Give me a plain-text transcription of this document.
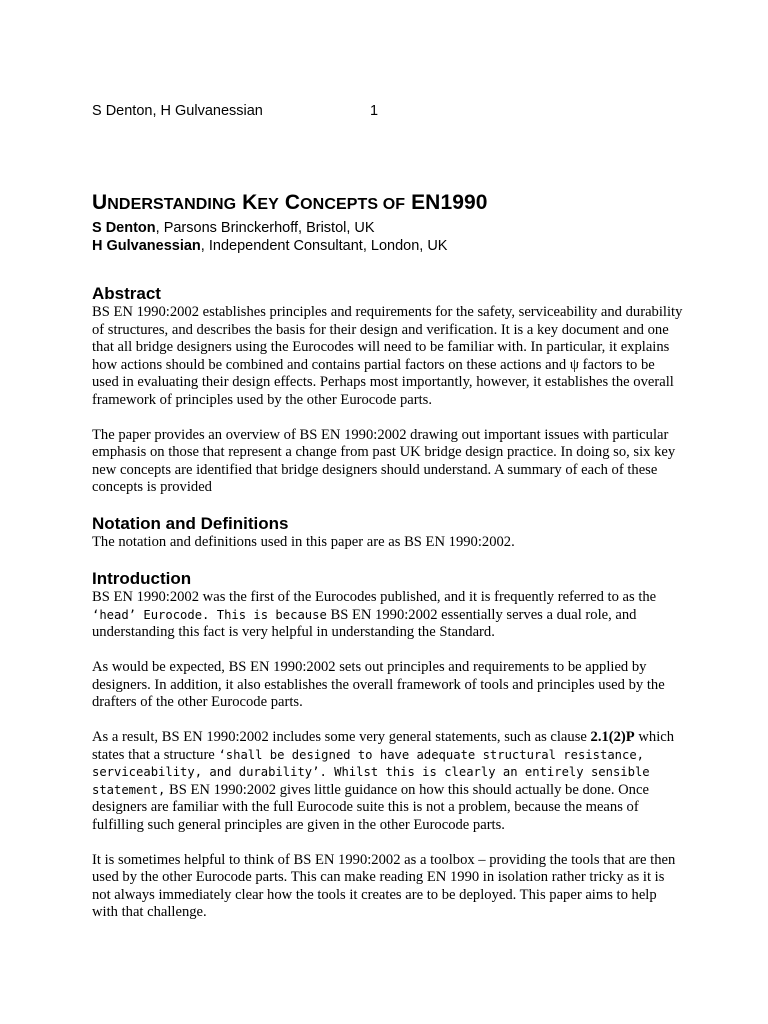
S Denton, H Gulvanessian	1
UNDERSTANDING KEY CONCEPTS OF EN1990

S Denton, Parsons Brinckerhoff, Bristol, UK

H Gulvanessian, Independent Consultant, London, UK

Abstract

BS EN 1990:2002 establishes principles and requirements for the safety, serviceability and durability of structures, and describes the basis for their design and verification. It is a key document and one that all bridge designers using the Eurocodes will need to be familiar with. In particular, it explains how actions should be combined and contains partial factors on these actions and ψ factors to be used in evaluating their design effects. Perhaps most importantly, however, it establishes the overall framework of principles used by the other Eurocode parts.

The paper provides an overview of BS EN 1990:2002 drawing out important issues with particular emphasis on those that represent a change from past UK bridge design practice. In doing so, six key new concepts are identified that bridge designers should understand. A summary of each of these concepts is provided

Notation and Definitions

The notation and definitions used in this paper are as BS EN 1990:2002.

Introduction

BS EN 1990:2002 was the first of the Eurocodes published, and it is frequently referred to as the ‘head’ Eurocode. This is because BS EN 1990:2002 essentially serves a dual role, and understanding this fact is very helpful in understanding the Standard.

As would be expected, BS EN 1990:2002 sets out principles and requirements to be applied by designers. In addition, it also establishes the overall framework of tools and principles used by the drafters of the other Eurocode parts.

As a result, BS EN 1990:2002 includes some very general statements, such as clause 2.1(2)P which states that a structure ‘shall be designed to have adequate structural resistance, serviceability, and durability’. Whilst this is clearly an entirely sensible statement, BS EN 1990:2002 gives little guidance on how this should actually be done. Once designers are familiar with the full Eurocode suite this is not a problem, because the means of fulfilling such general principles are given in the other Eurocode parts.

It is sometimes helpful to think of BS EN 1990:2002 as a toolbox – providing the tools that are then used by the other Eurocode parts. This can make reading EN 1990 in isolation rather tricky as it is not always immediately clear how the tools it creates are to be deployed. This paper aims to help with that challenge.
